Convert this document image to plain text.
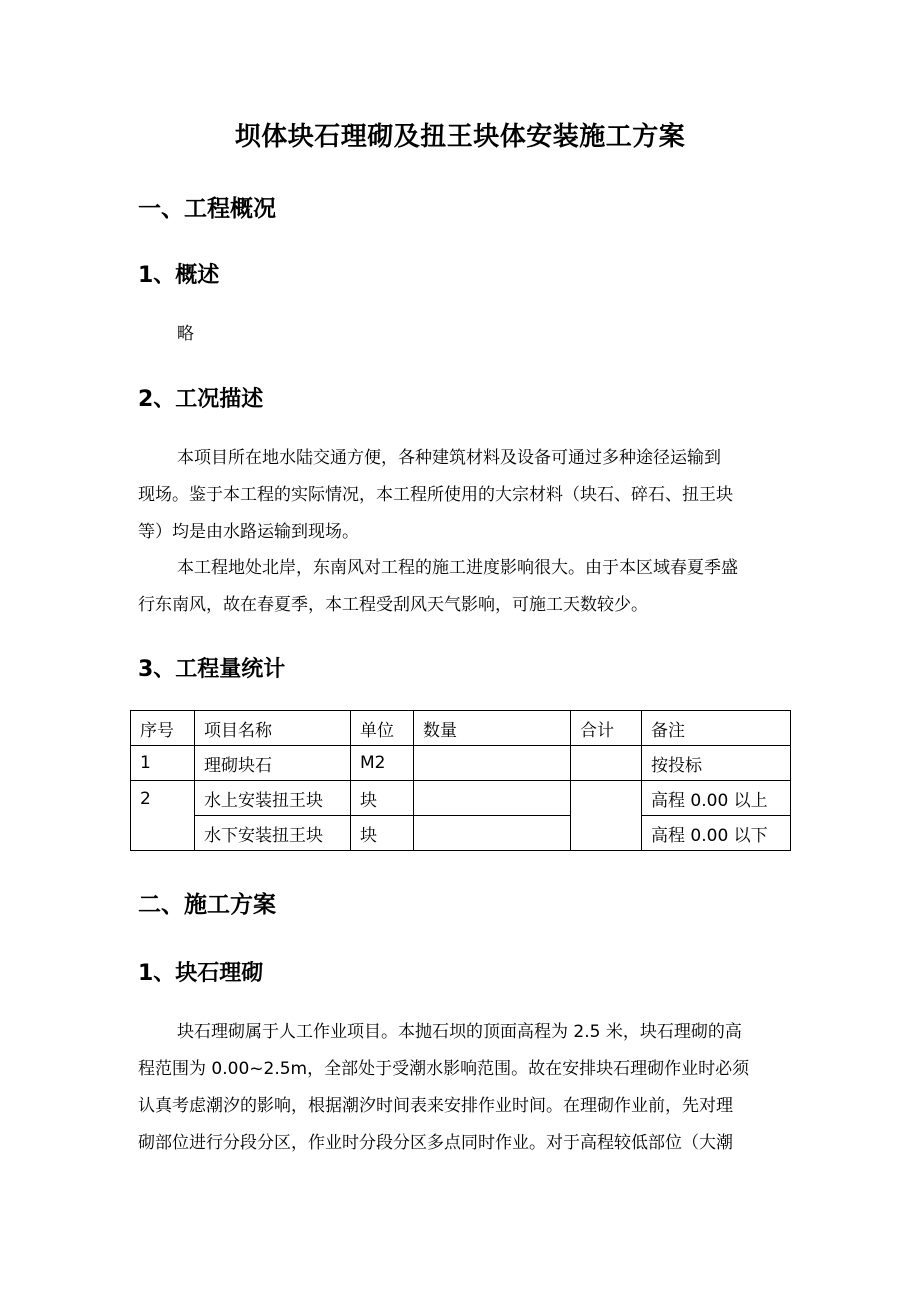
坝体块石理砌及扭王块体安装施工方案
一、工程概况
1、概述
略
2、工况描述
本项目所在地水陆交通方便，各种建筑材料及设备可通过多种途径运输到
现场。鉴于本工程的实际情况，本工程所使用的大宗材料（块石、碎石、扭王块
等）均是由水路运输到现场。
本工程地处北岸，东南风对工程的施工进度影响很大。由于本区域春夏季盛
行东南风，故在春夏季，本工程受刮风天气影响，可施工天数较少。
3、工程量统计
序号	项目名称	单位	数量	合计	备注
1	理砌块石	M2			按投标
2	水上安装扭王块	块			高程 0.00 以上
	水下安装扭王块	块			高程 0.00 以下
二、施工方案
1、块石理砌
块石理砌属于人工作业项目。本抛石坝的顶面高程为 2.5 米，块石理砌的高
程范围为 0.00~2.5m，全部处于受潮水影响范围。故在安排块石理砌作业时必须
认真考虑潮汐的影响，根据潮汐时间表来安排作业时间。在理砌作业前，先对理
砌部位进行分段分区，作业时分段分区多点同时作业。对于高程较低部位（大潮
